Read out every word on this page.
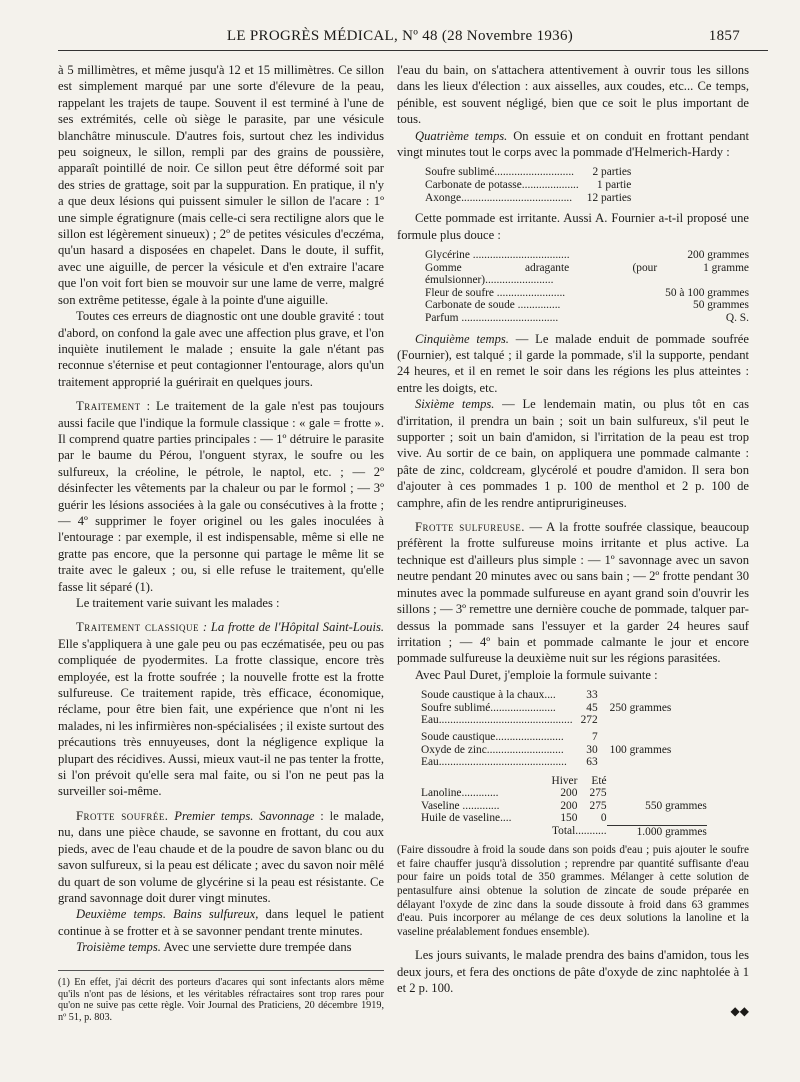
LE PROGRÈS MÉDICAL, Nº 48 (28 Novembre 1936)	1857

à 5 millimètres, et même jusqu'à 12 et 15 millimètres. Ce sillon est simplement marqué par une sorte d'élevure de la peau, rappelant les trajets de taupe. Souvent il est terminé à l'une de ses extrémités, celle où siège le parasite, par une vésicule blanchâtre minuscule. D'autres fois, surtout chez les individus peu soigneux, le sillon, rempli par des grains de poussière, apparaît pointillé de noir. Ce sillon peut être déformé soit par des stries de grattage, soit par la suppuration. En pratique, il n'y a que deux lésions qui puissent simuler le sillon de l'acare : 1º une simple égratignure (mais celle-ci sera rectiligne alors que le sillon est légèrement sinueux) ; 2º de petites vésicules d'eczéma, qu'un hasard a disposées en chapelet. Dans le doute, il suffit, avec une aiguille, de percer la vésicule et d'en extraire l'acare que l'on voit fort bien se mouvoir sur une lame de verre, malgré son extrême petitesse, égale à la pointe d'une aiguille.

Toutes ces erreurs de diagnostic ont une double gravité : tout d'abord, on confond la gale avec une affection plus grave, et l'on inquiète inutilement le malade ; ensuite la gale n'étant pas reconnue s'éternise et peut contagionner l'entourage, alors qu'un traitement approprié la guérirait en quelques jours.

Traitement : Le traitement de la gale n'est pas toujours aussi facile que l'indique la formule classique : « gale = frotte ». Il comprend quatre parties principales : — 1º détruire le parasite par le baume du Pérou, l'onguent styrax, le soufre ou les sulfureux, la créoline, le pétrole, le naptol, etc. ; — 2º désinfecter les vêtements par la chaleur ou par le formol ; — 3º guérir les lésions associées à la gale ou consécutives à la frotte ; — 4º supprimer le foyer originel ou les gales inoculées à l'entourage : par exemple, il est indispensable, même si elle ne gratte pas encore, que la personne qui partage le même lit se traite avec le galeux ; ou, si elle refuse le traitement, qu'elle fasse lit séparé (1).

Le traitement varie suivant les malades :

Traitement classique : La frotte de l'Hôpital Saint-Louis. Elle s'appliquera à une gale peu ou pas eczématisée, peu ou pas compliquée de pyodermites. La frotte classique, encore très employée, est la frotte soufrée ; la nouvelle frotte est la frotte sulfureuse. Ce traitement rapide, très efficace, économique, réclame, pour être bien fait, une expérience que n'ont ni les malades, ni les infirmières non-spécialisées ; il existe surtout des précautions très ennuyeuses, dont la négligence explique la plupart des récidives. Aussi, mieux vaut-il ne pas tenter la frotte, si l'on prévoit qu'elle sera mal faite, ou si l'on ne peut pas la surveiller soi-même.

Frotte soufrée. Premier temps. Savonnage : le malade, nu, dans une pièce chaude, se savonne en frottant, du cou aux pieds, avec de l'eau chaude et de la poudre de savon blanc ou du savon sulfureux, si la peau est délicate ; avec du savon noir mêlé du quart de son volume de glycérine si la peau est résistante. Ce grand savonnage doit durer vingt minutes.

Deuxième temps. Bains sulfureux, dans lequel le patient continue à se frotter et à se savonner pendant trente minutes.

Troisième temps. Avec une serviette dure trempée dans

(1) En effet, j'ai décrit des porteurs d'acares qui sont infectants alors même qu'ils n'ont pas de lésions, et les véritables réfractaires sont trop rares pour qu'on ne suive pas cette règle. Voir Journal des Praticiens, 20 décembre 1919, nº 51, p. 803.

l'eau du bain, on s'attachera attentivement à ouvrir tous les sillons dans les lieux d'élection : aux aisselles, aux coudes, etc... Ce temps, pénible, est souvent négligé, bien que ce soit le plus important de tous.

Quatrième temps. On essuie et on conduit en frottant pendant vingt minutes tout le corps avec la pommade d'Helmerich-Hardy :

Soufre sublimé............................	2 parties
Carbonate de potasse....................	1 partie
Axonge.......................................	12 parties

Cette pommade est irritante. Aussi A. Fournier a-t-il proposé une formule plus douce :

Glycérine ..................................	200 grammes
Gomme adragante (pour émulsionner)........................	1 gramme
Fleur de soufre ........................	50 à 100 grammes
Carbonate de soude ...............	50 grammes
Parfum ..................................	Q. S.

Cinquième temps. — Le malade enduit de pommade soufrée (Fournier), est talqué ; il garde la pommade, s'il la supporte, pendant 24 heures, et il en remet le soir dans les régions les plus atteintes : entre les doigts, etc.

Sixième temps. — Le lendemain matin, ou plus tôt en cas d'irritation, il prendra un bain ; soit un bain sulfureux, s'il peut le supporter ; soit un bain d'amidon, si l'irritation de la peau est trop vive. Au sortir de ce bain, on appliquera une pommade calmante : pâte de zinc, coldcream, glycérolé et poudre d'amidon. Il sera bon d'ajouter à ces pommades 1 p. 100 de menthol et 2 p. 100 de camphre, afin de les rendre antiprurigineuses.

Frotte sulfureuse. — A la frotte soufrée classique, beaucoup préfèrent la frotte sulfureuse moins irritante et plus active. La technique est d'ailleurs plus simple : — 1º savonnage avec un savon neutre pendant 20 minutes avec ou sans bain ; — 2º frotte pendant 30 minutes avec la pommade sulfureuse en ayant grand soin d'ouvrir les sillons ; — 3º remettre une dernière couche de pommade, talquer par-dessus la pommade sans l'essuyer et la garder 24 heures sauf irritation ; — 4º bain et pommade calmante le jour et encore pommade sulfureuse la deuxième nuit sur les régions parasitées.

Avec Paul Duret, j'emploie la formule suivante :

Soude caustique à la chaux....	33	250 grammes
Soufre sublimé.......................	45	
Eau...............................................	272	

Soude caustique........................	7	100 grammes
Oxyde de zinc...........................	30	
Eau.............................................	63	
	Hiver	Eté	
Lanoline.............	200	275	550 grammes
Vaseline .............	200	275	
Huile de vaseline....	150	0	
Total...........			1.000 grammes

(Faire dissoudre à froid la soude dans son poids d'eau ; puis ajouter le soufre et faire chauffer jusqu'à dissolution ; reprendre par quantité suffisante d'eau pour faire un poids total de 350 grammes. Mélanger à cette solution de pentasulfure ainsi obtenue la solution de zincate de soude préparée en délayant l'oxyde de zinc dans la soude dissoute à froid dans 63 grammes d'eau. Puis incorporer au mélange de ces deux solutions la lanoline et la vaseline préalablement fondues ensemble).

Les jours suivants, le malade prendra des bains d'amidon, tous les deux jours, et fera des onctions de pâte d'oxyde de zinc naphtolée à 1 et 2 p. 100.

◆◆
